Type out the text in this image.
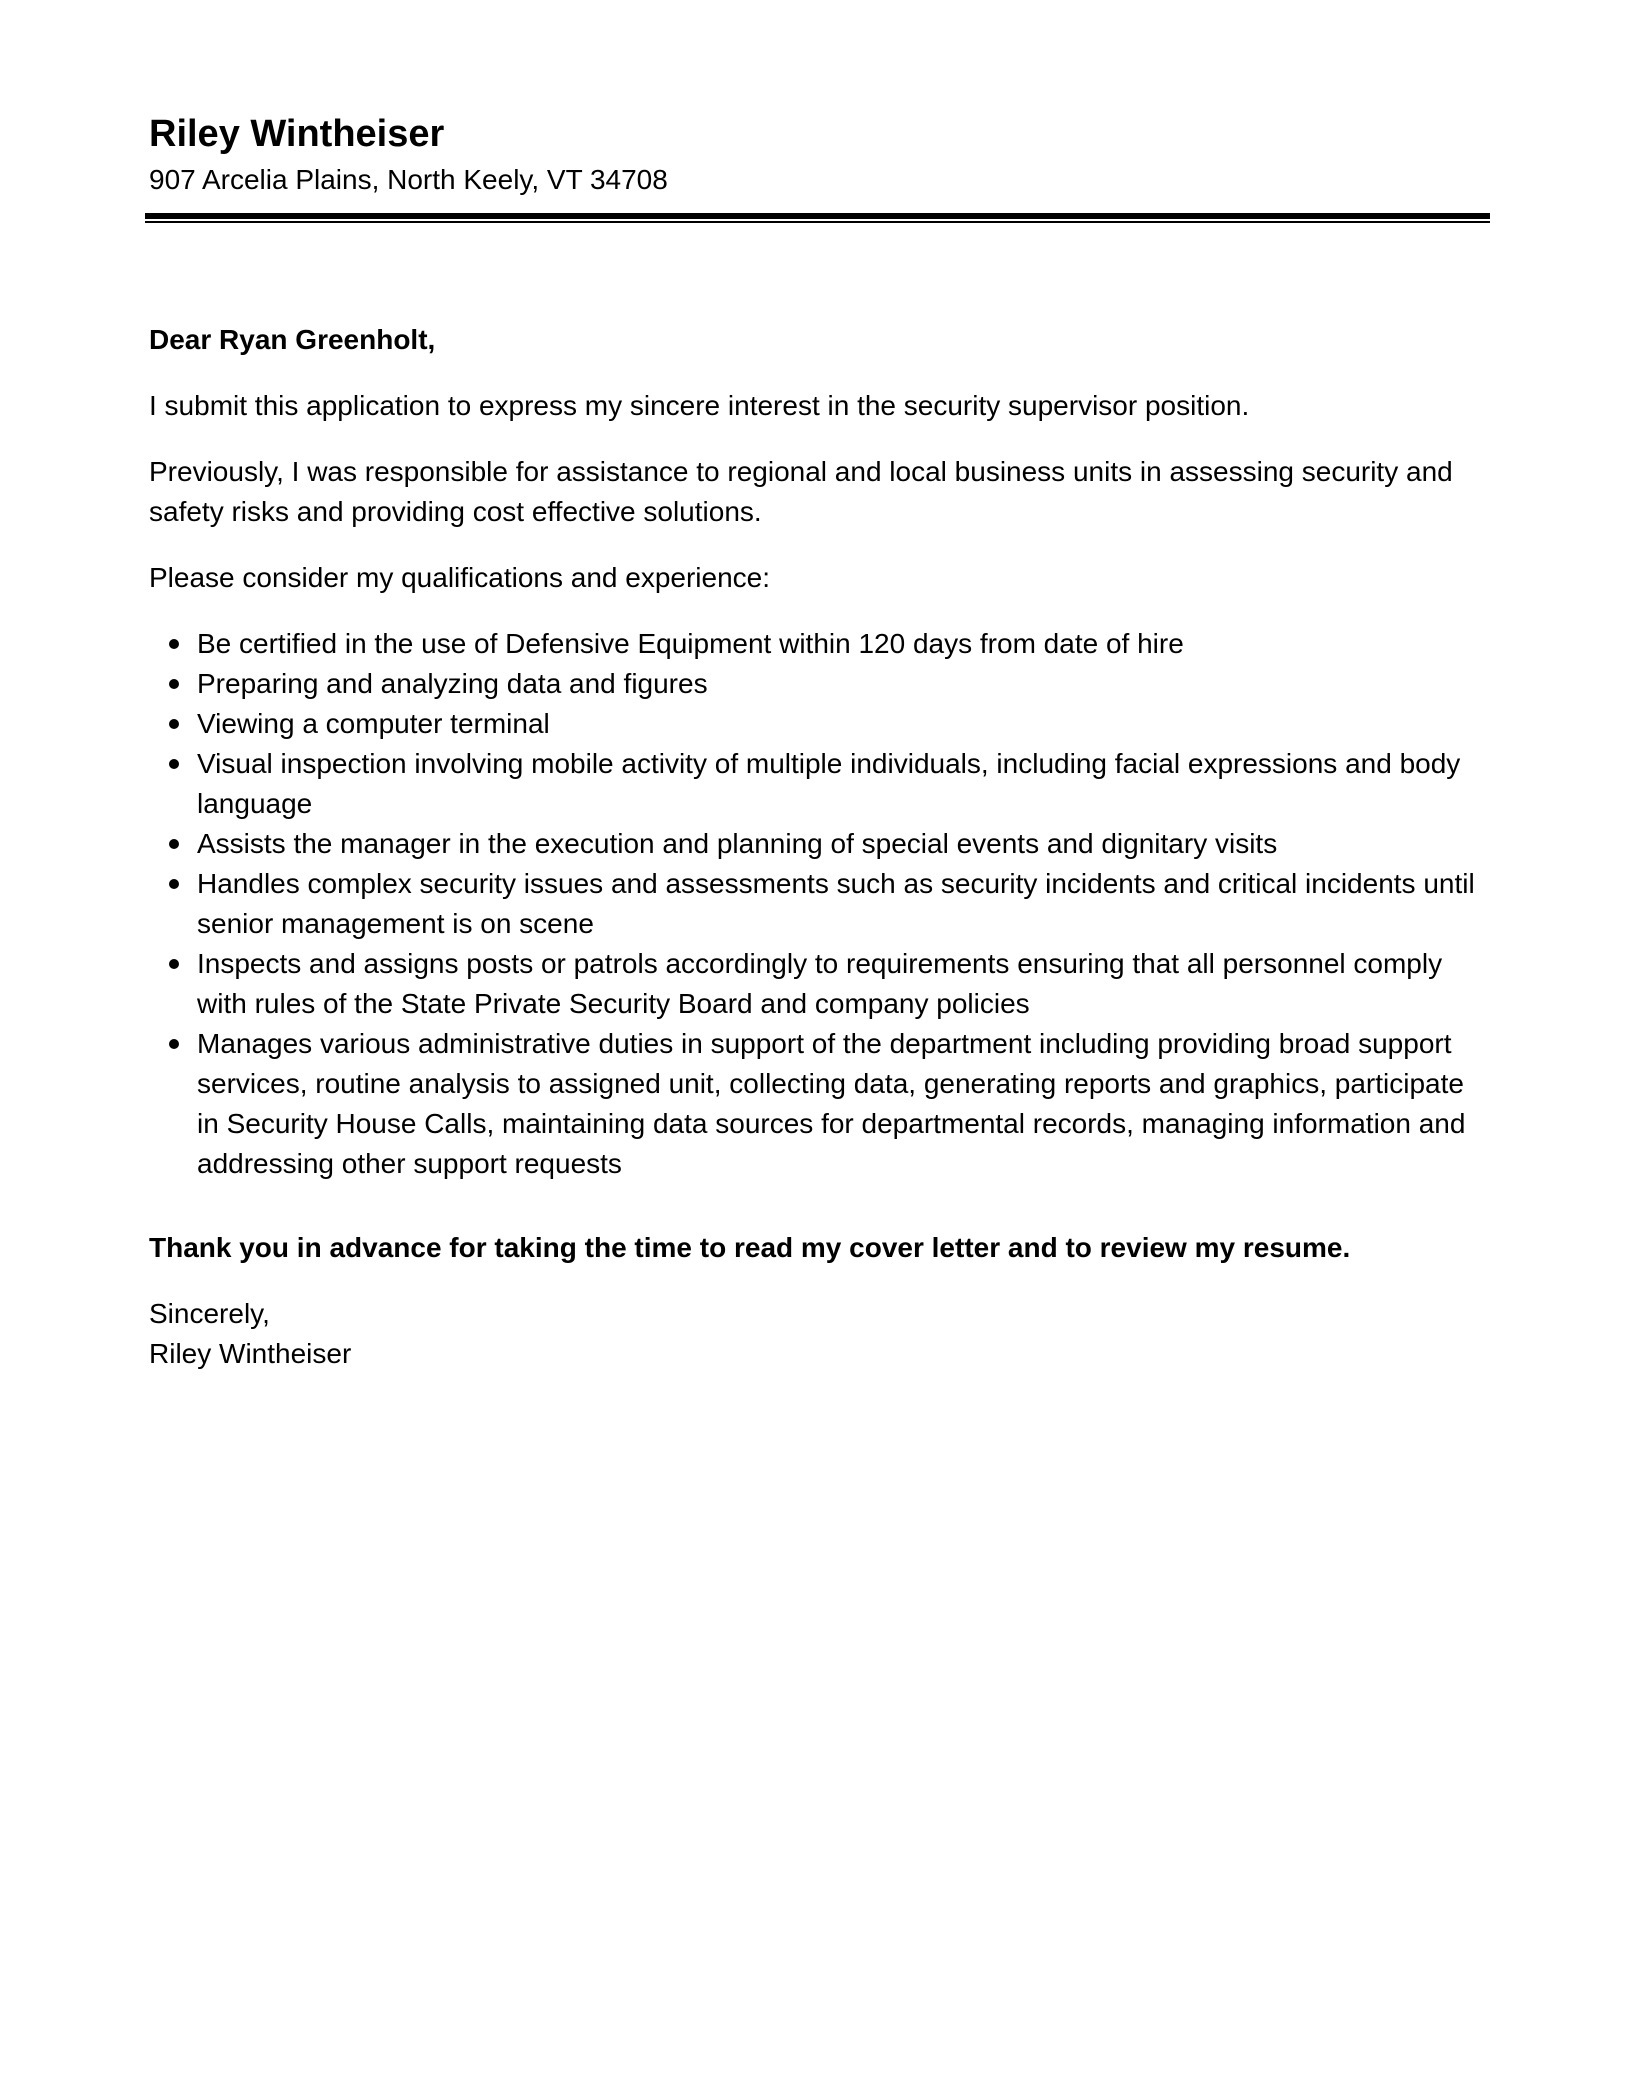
Riley Wintheiser

907 Arcelia Plains, North Keely, VT 34708

Dear Ryan Greenholt,

I submit this application to express my sincere interest in the security supervisor position.

Previously, I was responsible for assistance to regional and local business units in assessing security and safety risks and providing cost effective solutions.

Please consider my qualifications and experience:

Be certified in the use of Defensive Equipment within 120 days from date of hire
Preparing and analyzing data and figures
Viewing a computer terminal
Visual inspection involving mobile activity of multiple individuals, including facial expressions and body language
Assists the manager in the execution and planning of special events and dignitary visits
Handles complex security issues and assessments such as security incidents and critical incidents until senior management is on scene
Inspects and assigns posts or patrols accordingly to requirements ensuring that all personnel comply with rules of the State Private Security Board and company policies
Manages various administrative duties in support of the department including providing broad support services, routine analysis to assigned unit, collecting data, generating reports and graphics, participate in Security House Calls, maintaining data sources for departmental records, managing information and addressing other support requests

Thank you in advance for taking the time to read my cover letter and to review my resume.

Sincerely,

Riley Wintheiser
